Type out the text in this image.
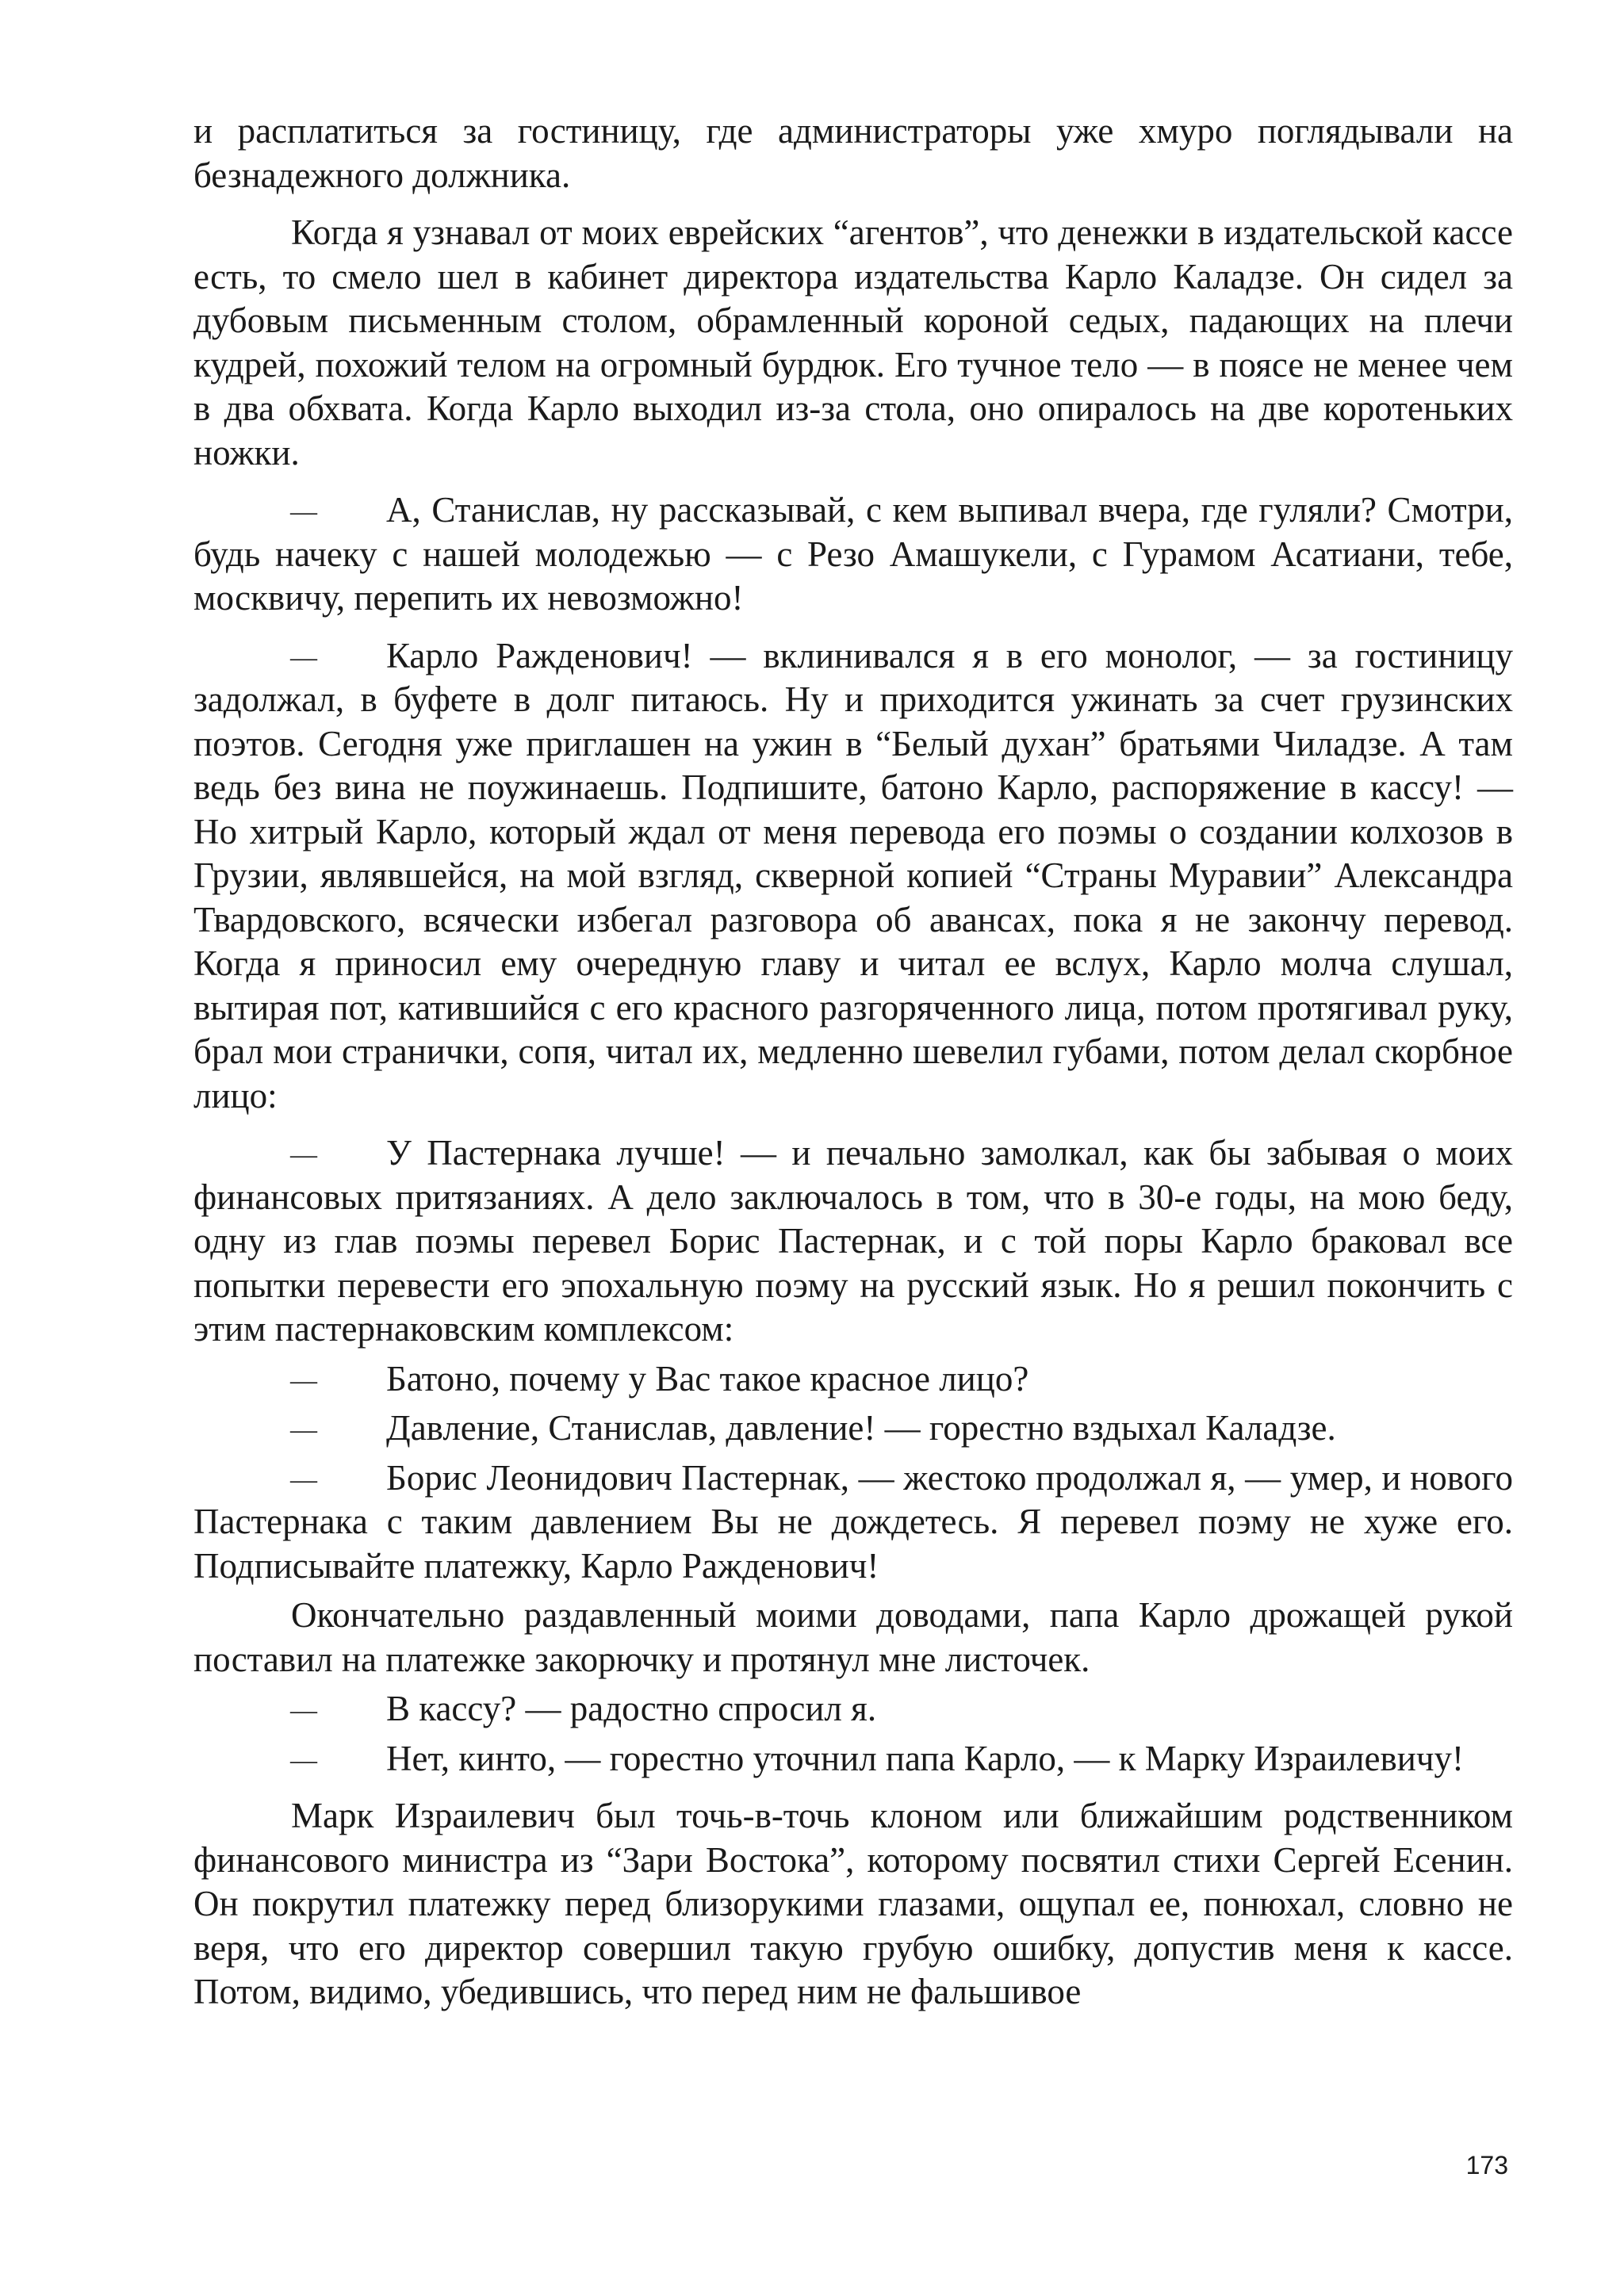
и расплатиться за гостиницу, где администраторы уже хмуро поглядывали на безнадежного должника.

Когда я узнавал от моих еврейских “агентов”, что денежки в издательской кассе есть, то смело шел в кабинет директора издательства Карло Каладзе. Он сидел за дубовым письменным столом, обрамленный короной седых, падающих на плечи кудрей, похожий телом на огромный бурдюк. Его тучное тело — в поясе не менее чем в два обхвата. Когда Карло выходил из-за стола, оно опиралось на две коротеньких ножки.

— А, Станислав, ну рассказывай, с кем выпивал вчера, где гуляли? Смотри, будь начеку с нашей молодежью — с Резо Амашукели, с Гурамом Асатиани, тебе, москвичу, перепить их невозможно!

— Карло Ражденович! — вклинивался я в его монолог, — за гостиницу задолжал, в буфете в долг питаюсь. Ну и приходится ужинать за счет грузинских поэтов. Сегодня уже приглашен на ужин в “Белый духан” братьями Чиладзе. А там ведь без вина не поужинаешь. Подпишите, батоно Карло, распоряжение в кассу! — Но хитрый Карло, который ждал от меня перевода его поэмы о создании колхозов в Грузии, являвшейся, на мой взгляд, скверной копией “Страны Муравии” Александра Твардовского, всячески избегал разговора об авансах, пока я не закончу перевод. Когда я приносил ему очередную главу и читал ее вслух, Карло молча слушал, вытирая пот, катившийся с его красного разгоряченного лица, потом протягивал руку, брал мои странички, сопя, читал их, медленно шевелил губами, потом делал скорбное лицо:

— У Пастернака лучше! — и печально замолкал, как бы забывая о моих финансовых притязаниях. А дело заключалось в том, что в 30-е годы, на мою беду, одну из глав поэмы перевел Борис Пастернак, и с той поры Карло браковал все попытки перевести его эпохальную поэму на русский язык. Но я решил покончить с этим пастернаковским комплексом:

— Батоно, почему у Вас такое красное лицо?

— Давление, Станислав, давление! — горестно вздыхал Каладзе.

— Борис Леонидович Пастернак, — жестоко продолжал я, — умер, и нового Пастернака с таким давлением Вы не дождетесь. Я перевел поэму не хуже его. Подписывайте платежку, Карло Ражденович!

Окончательно раздавленный моими доводами, папа Карло дрожащей рукой поставил на платежке закорючку и протянул мне листочек.

— В кассу? — радостно спросил я.

— Нет, кинто, — горестно уточнил папа Карло, — к Марку Израилевичу!

Марк Израилевич был точь-в-точь клоном или ближайшим родственником финансового министра из “Зари Востока”, которому посвятил стихи Сергей Есенин. Он покрутил платежку перед близорукими глазами, ощупал ее, понюхал, словно не веря, что его директор совершил такую грубую ошибку, допустив меня к кассе. Потом, видимо, убедившись, что перед ним не фальшивое

173
